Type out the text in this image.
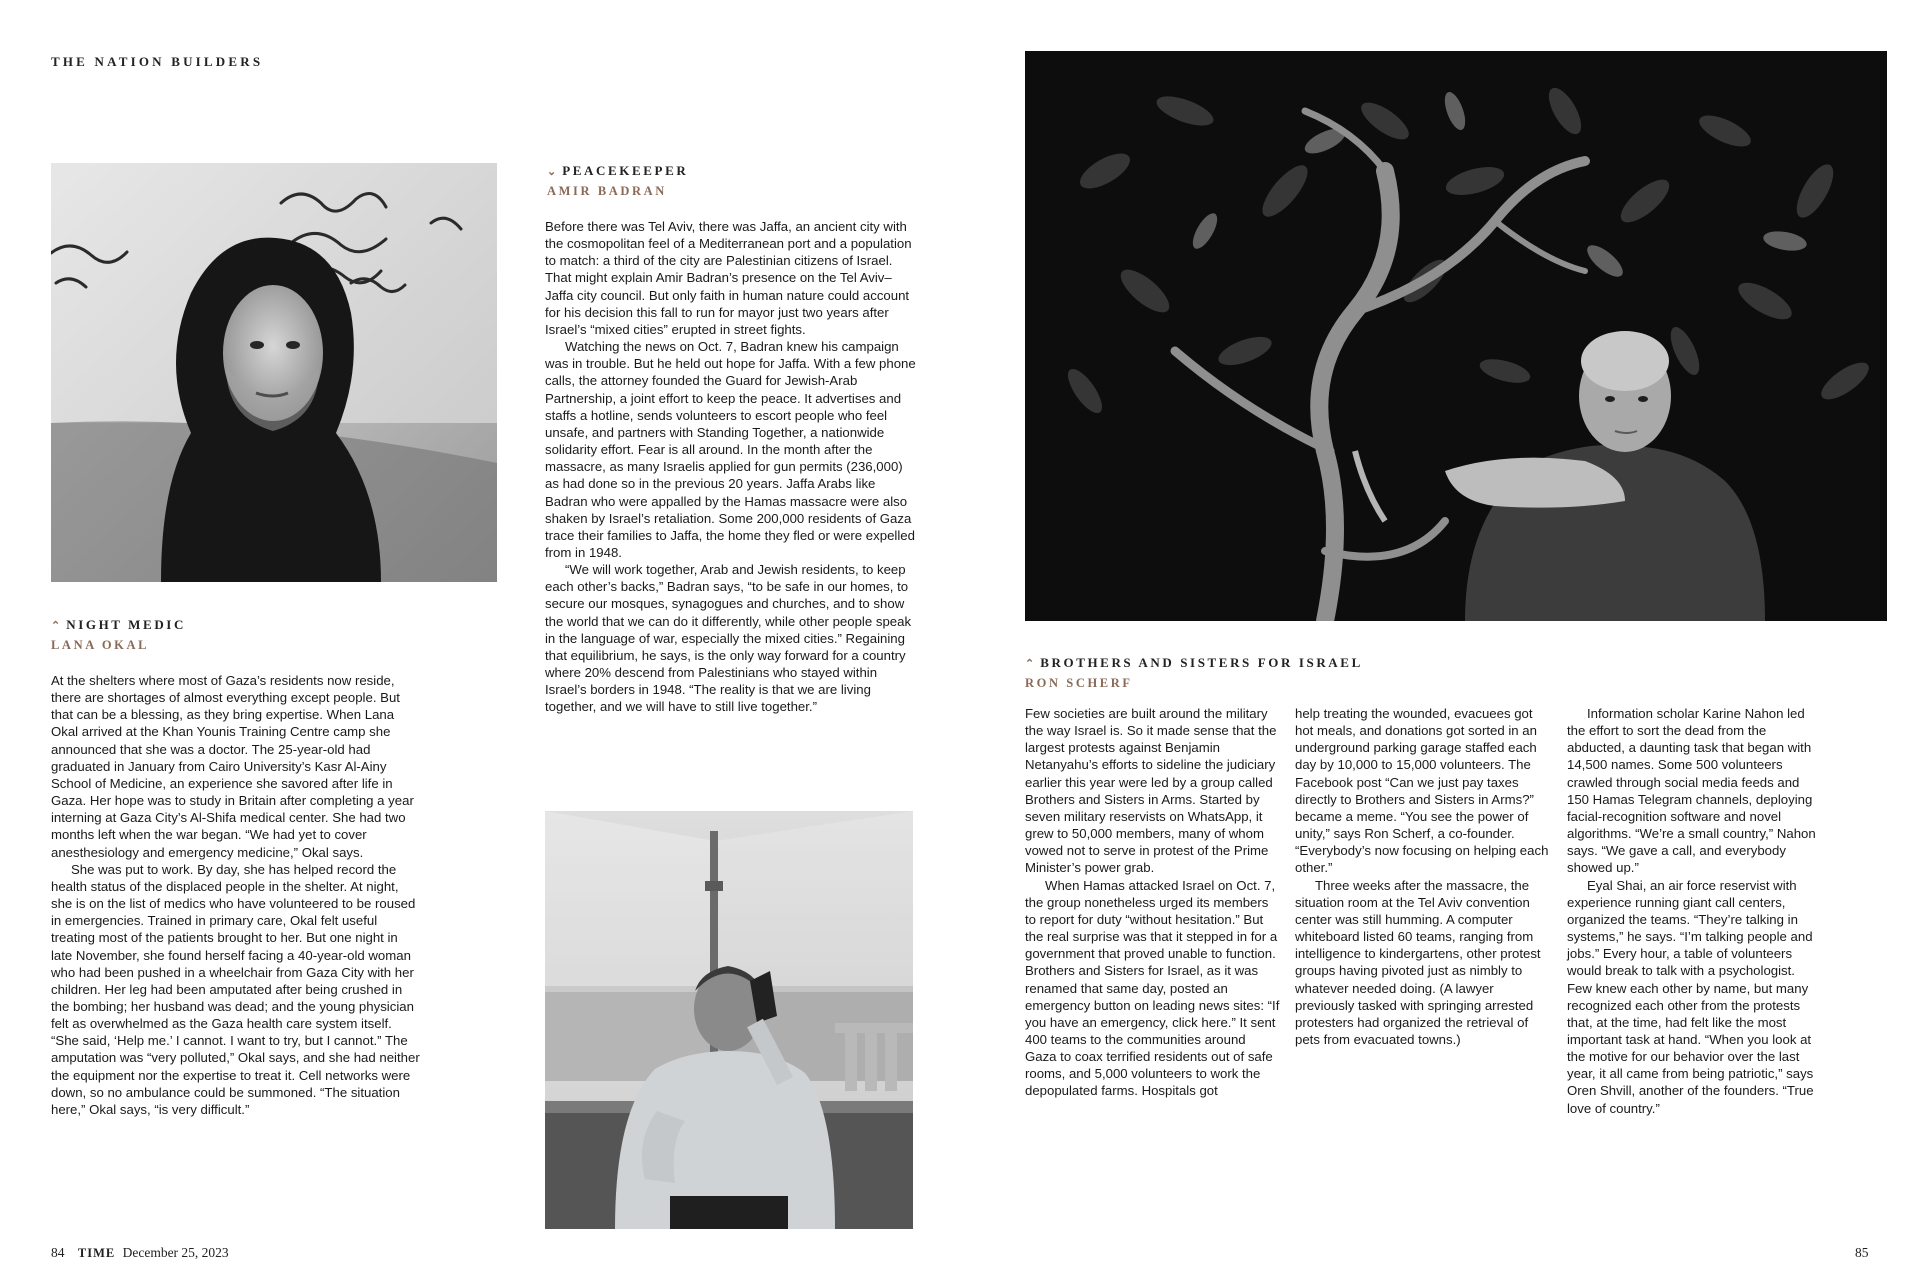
THE NATION BUILDERS
⌃ NIGHT MEDIC
LANA OKAL

At the shelters where most of Gaza’s residents now reside, there are shortages of almost everything except people. But that can be a blessing, as they bring expertise. When Lana Okal arrived at the Khan Younis Training Centre camp she announced that she was a doctor. The 25-year-old had graduated in January from Cairo University’s Kasr Al-Ainy School of Medicine, an experience she savored after life in Gaza. Her hope was to study in Britain after completing a year interning at Gaza City’s Al-Shifa medical center. She had two months left when the war began. “We had yet to cover anesthesiology and emergency medicine,” Okal says.

She was put to work. By day, she has helped record the health status of the displaced people in the shelter. At night, she is on the list of medics who have volunteered to be roused in emergencies. Trained in primary care, Okal felt useful treating most of the patients brought to her. But one night in late November, she found herself facing a 40-year-old woman who had been pushed in a wheelchair from Gaza City with her children. Her leg had been amputated after being crushed in the bombing; her husband was dead; and the young physician felt as overwhelmed as the Gaza health care system itself. “She said, ‘Help me.’ I cannot. I want to try, but I cannot.” The amputation was “very polluted,” Okal says, and she had neither the equipment nor the expertise to treat it. Cell networks were down, so no ambulance could be summoned. “The situation here,” Okal says, “is very difficult.”

⌄ PEACEKEEPER
AMIR BADRAN

Before there was Tel Aviv, there was Jaffa, an ancient city with the cosmopolitan feel of a Mediterranean port and a population to match: a third of the city are Palestinian citizens of Israel. That might explain Amir Badran’s presence on the Tel Aviv–Jaffa city council. But only faith in human nature could account for his decision this fall to run for mayor just two years after Israel’s “mixed cities” erupted in street fights.

Watching the news on Oct. 7, Badran knew his campaign was in trouble. But he held out hope for Jaffa. With a few phone calls, the attorney founded the Guard for Jewish-Arab Partnership, a joint effort to keep the peace. It advertises and staffs a hotline, sends volunteers to escort people who feel unsafe, and partners with Standing Together, a nationwide solidarity effort. Fear is all around. In the month after the massacre, as many Israelis applied for gun permits (236,000) as had done so in the previous 20 years. Jaffa Arabs like Badran who were appalled by the Hamas massacre were also shaken by Israel’s retaliation. Some 200,000 residents of Gaza trace their families to Jaffa, the home they fled or were expelled from in 1948.

“We will work together, Arab and Jewish residents, to keep each other’s backs,” Badran says, “to be safe in our homes, to secure our mosques, synagogues and churches, and to show the world that we can do it differently, while other people speak in the language of war, especially the mixed cities.” Regaining that equilibrium, he says, is the only way forward for a country where 20% descend from Palestinians who stayed within Israel’s borders in 1948. “The reality is that we are living together, and we will have to still live together.”

⌃ BROTHERS AND SISTERS FOR ISRAEL
RON SCHERF

Few societies are built around the military the way Israel is. So it made sense that the largest protests against Benjamin Netanyahu’s efforts to sideline the judiciary earlier this year were led by a group called Brothers and Sisters in Arms. Started by seven military reservists on WhatsApp, it grew to 50,000 members, many of whom vowed not to serve in protest of the Prime Minister’s power grab.

When Hamas attacked Israel on Oct. 7, the group nonetheless urged its members to report for duty “without hesitation.” But the real surprise was that it stepped in for a government that proved unable to function. Brothers and Sisters for Israel, as it was renamed that same day, posted an emergency button on leading news sites: “If you have an emergency, click here.” It sent 400 teams to the communities around Gaza to coax terrified residents out of safe rooms, and 5,000 volunteers to work the depopulated farms. Hospitals got

help treating the wounded, evacuees got hot meals, and donations got sorted in an underground parking garage staffed each day by 10,000 to 15,000 volunteers. The Facebook post “Can we just pay taxes directly to Brothers and Sisters in Arms?” became a meme. “You see the power of unity,” says Ron Scherf, a co-founder. “Everybody’s now focusing on helping each other.”

Three weeks after the massacre, the situation room at the Tel Aviv convention center was still humming. A computer whiteboard listed 60 teams, ranging from intelligence to kindergartens, other protest groups having pivoted just as nimbly to whatever needed doing. (A lawyer previously tasked with springing arrested protesters had organized the retrieval of pets from evacuated towns.)

Information scholar Karine Nahon led the effort to sort the dead from the abducted, a daunting task that began with 14,500 names. Some 500 volunteers crawled through social media feeds and 150 Hamas Telegram channels, deploying facial-recognition software and novel algorithms. “We’re a small country,” Nahon says. “We gave a call, and everybody showed up.”

Eyal Shai, an air force reservist with experience running giant call centers, organized the teams. “They’re talking in systems,” he says. “I’m talking people and jobs.” Every hour, a table of volunteers would break to talk with a psychologist. Few knew each other by name, but many recognized each other from the protests that, at the time, had felt like the most important task at hand. “When you look at the motive for our behavior over the last year, it all came from being patriotic,” says Oren Shvill, another of the founders. “True love of country.”

84 TIME December 25, 2023	85
